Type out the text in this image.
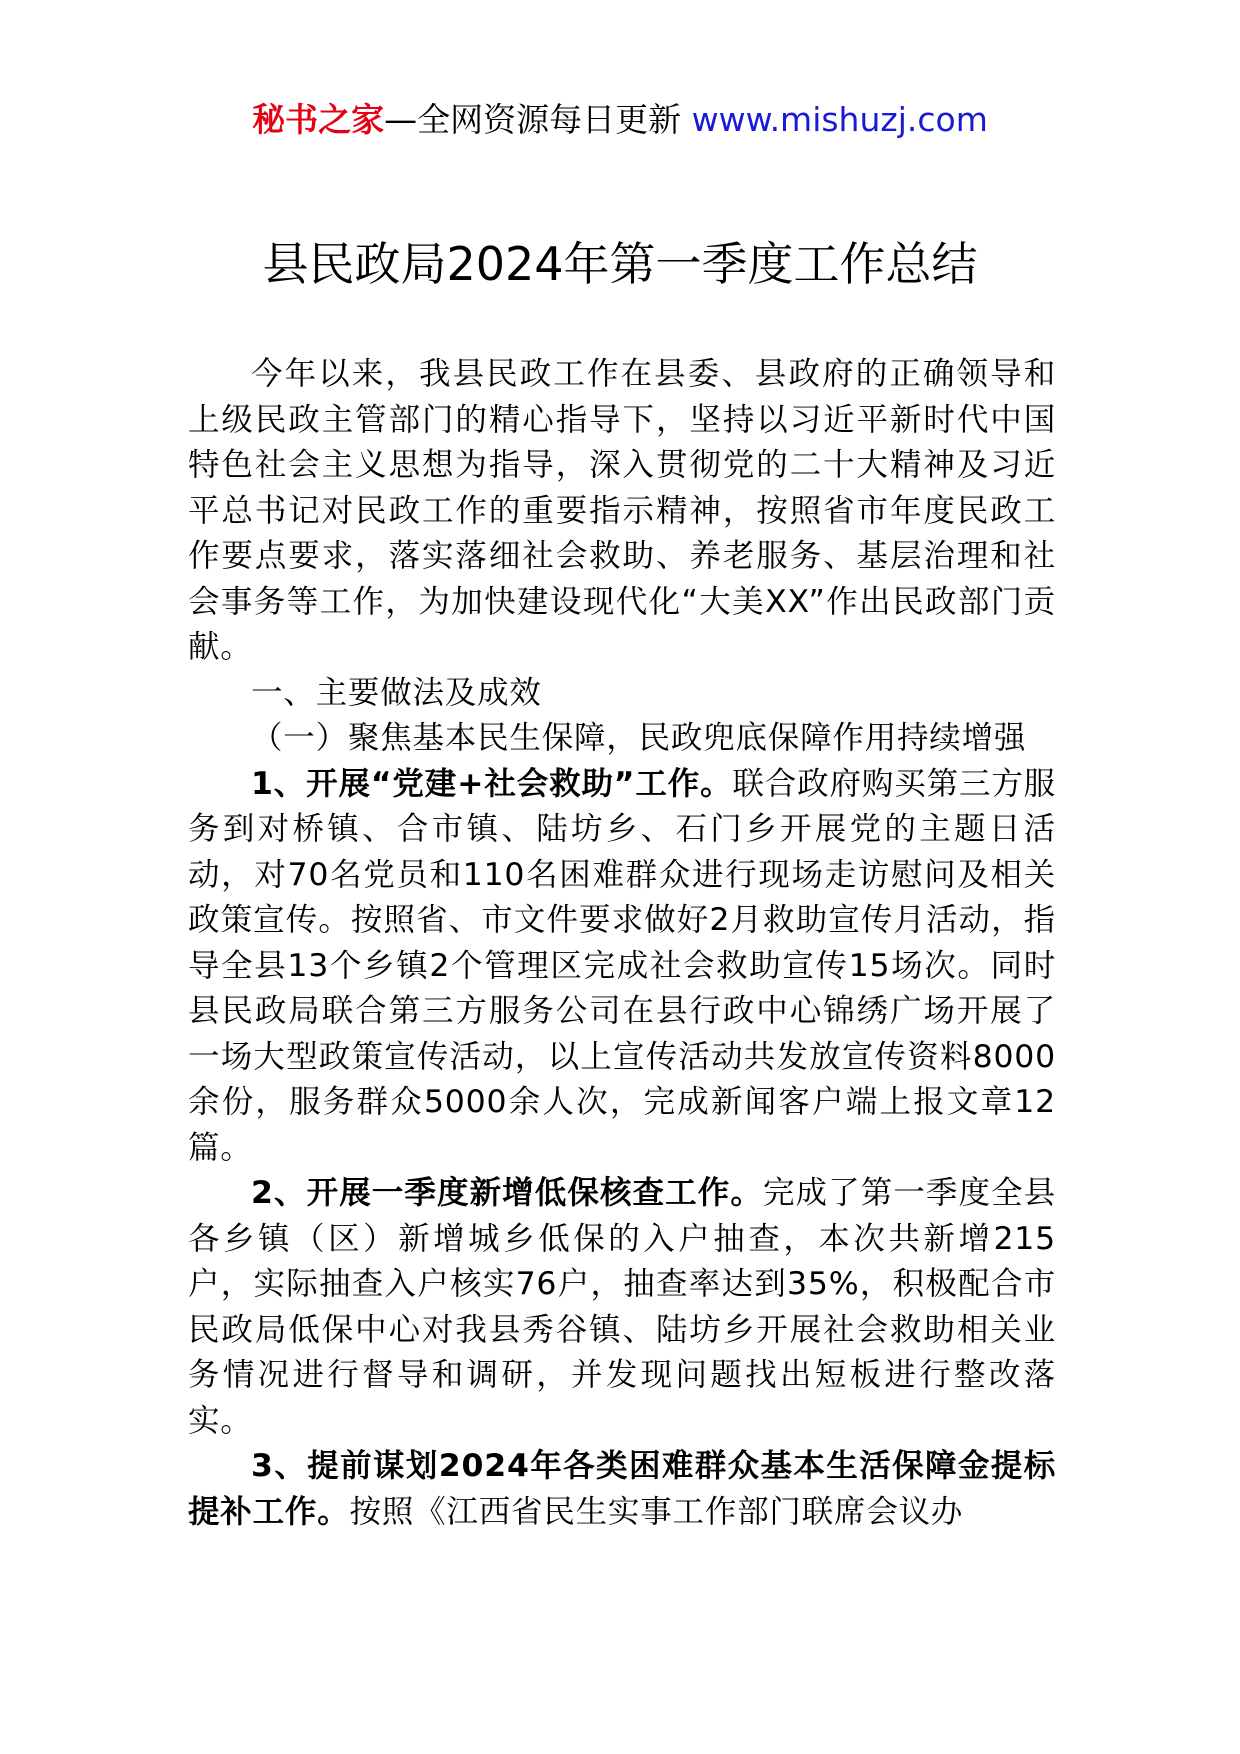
秘书之家—全网资源每日更新 www.mishuzj.com
县民政局2024年第一季度工作总结

今年以来，我县民政工作在县委、县政府的正确领导和上级民政主管部门的精心指导下，坚持以习近平新时代中国特色社会主义思想为指导，深入贯彻党的二十大精神及习近平总书记对民政工作的重要指示精神，按照省市年度民政工作要点要求，落实落细社会救助、养老服务、基层治理和社会事务等工作，为加快建设现代化“大美XX”作出民政部门贡献。

一、主要做法及成效

（一）聚焦基本民生保障，民政兜底保障作用持续增强

1、开展“党建+社会救助”工作。联合政府购买第三方服务到对桥镇、合市镇、陆坊乡、石门乡开展党的主题日活动，对70名党员和110名困难群众进行现场走访慰问及相关政策宣传。按照省、市文件要求做好2月救助宣传月活动，指导全县13个乡镇2个管理区完成社会救助宣传15场次。同时县民政局联合第三方服务公司在县行政中心锦绣广场开展了一场大型政策宣传活动，以上宣传活动共发放宣传资料8000余份，服务群众5000余人次，完成新闻客户端上报文章12篇。

2、开展一季度新增低保核查工作。完成了第一季度全县各乡镇（区）新增城乡低保的入户抽查，本次共新增215户，实际抽查入户核实76户，抽查率达到35%，积极配合市民政局低保中心对我县秀谷镇、陆坊乡开展社会救助相关业务情况进行督导和调研，并发现问题找出短板进行整改落实。

3、提前谋划2024年各类困难群众基本生活保障金提标提补工作。按照《江西省民生实事工作部门联席会议办
